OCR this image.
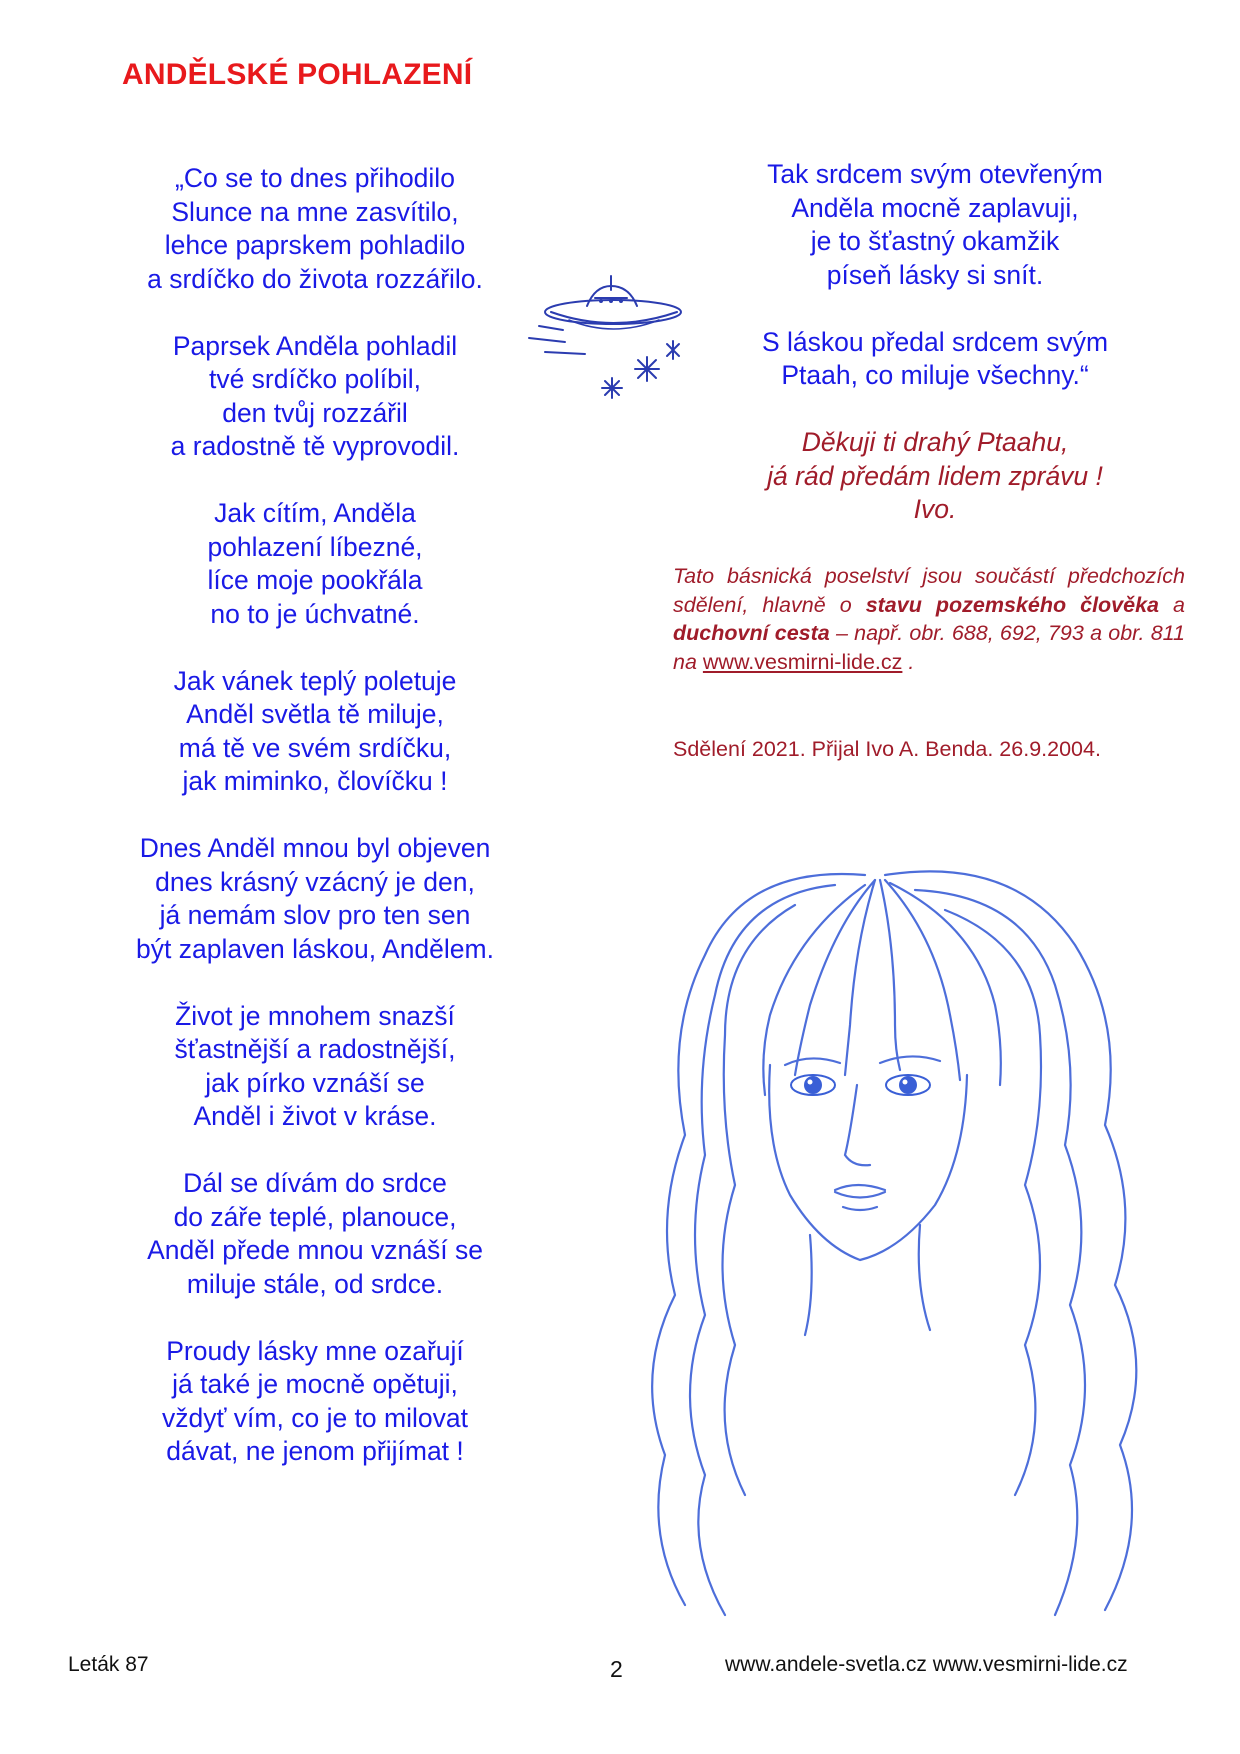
ANDĚLSKÉ POHLAZENÍ
„Co se to dnes přihodilo
Slunce na mne zasvítilo,
lehce paprskem pohladilo
a srdíčko do života rozzářilo.
Paprsek Anděla pohladil
tvé srdíčko políbil,
den tvůj rozzářil
a radostně tě vyprovodil.
Jak cítím, Anděla
pohlazení líbezné,
líce moje pookřála
no to je úchvatné.
Jak vánek teplý poletuje
Anděl světla tě miluje,
má tě ve svém srdíčku,
jak miminko, človíčku !
Dnes Anděl mnou byl objeven
dnes krásný vzácný je den,
já nemám slov pro ten sen
být zaplaven láskou, Andělem.
Život je mnohem snazší
šťastnější a radostnější,
jak pírko vznáší se
Anděl i život v kráse.
Dál se dívám do srdce
do záře teplé, planouce,
Anděl přede mnou vznáší se
miluje stále, od srdce.
Proudy lásky mne ozařují
já také je mocně opětuji,
vždyť vím, co je to milovat
dávat, ne jenom přijímat !
Tak srdcem svým otevřeným
Anděla mocně zaplavuji,
je to šťastný okamžik
píseň lásky si snít.
S láskou předal srdcem svým
Ptaah, co miluje všechny.“
Děkuji ti drahý Ptaahu,
já rád předám lidem zprávu !
Ivo.
Tato básnická poselství jsou součástí předchozích sdělení, hlavně o stavu pozemského člověka a duchovní cesta – např. obr. 688, 692, 793 a obr. 811 na www.vesmirni-lide.cz .
Sdělení 2021. Přijal Ivo A. Benda. 26.9.2004.
Leták 87	2	www.andele-svetla.cz www.vesmirni-lide.cz
